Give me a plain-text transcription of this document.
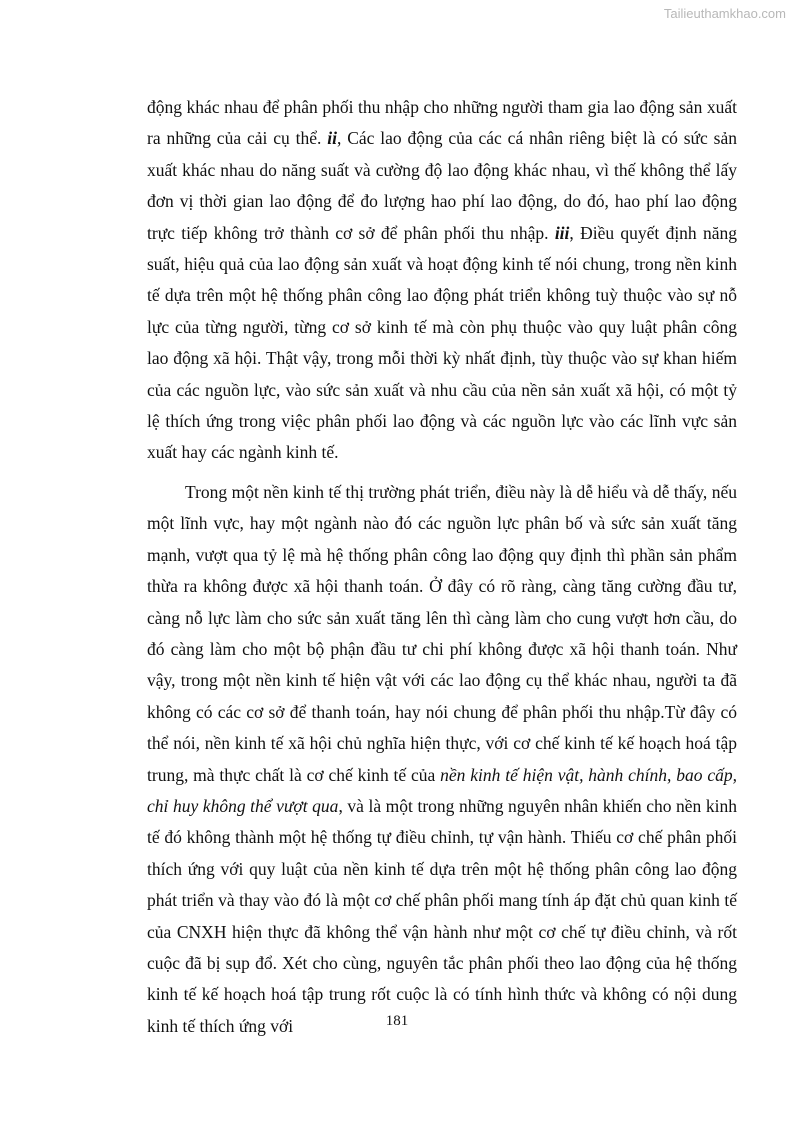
Tailieuthamkhao.com

động khác nhau để phân phối thu nhập cho những người tham gia lao động sản xuất ra những của cải cụ thể. ii, Các lao động của các cá nhân riêng biệt là có sức sản xuất khác nhau do năng suất và cường độ lao động khác nhau, vì thế không thể lấy đơn vị thời gian lao động để đo lượng hao phí lao động, do đó, hao phí lao động trực tiếp không trở thành cơ sở để phân phối thu nhập. iii, Điều quyết định năng suất, hiệu quả của lao động sản xuất và hoạt động kinh tế nói chung, trong nền kinh tế dựa trên một hệ thống phân công lao động phát triển không tuỳ thuộc vào sự nỗ lực của từng người, từng cơ sở kinh tế mà còn phụ thuộc vào quy luật phân công lao động xã hội. Thật vậy, trong mỗi thời kỳ nhất định, tùy thuộc vào sự khan hiếm của các nguồn lực, vào sức sản xuất và nhu cầu của nền sản xuất xã hội, có một tỷ lệ thích ứng trong việc phân phối lao động và các nguồn lực vào các lĩnh vực sản xuất hay các ngành kinh tế.

Trong một nền kinh tế thị trường phát triển, điều này là dễ hiểu và dễ thấy, nếu một lĩnh vực, hay một ngành nào đó các nguồn lực phân bố và sức sản xuất tăng mạnh, vượt qua tỷ lệ mà hệ thống phân công lao động quy định thì phần sản phẩm thừa ra không được xã hội thanh toán. Ở đây có rõ ràng, càng tăng cường đầu tư, càng nỗ lực làm cho sức sản xuất tăng lên thì càng làm cho cung vượt hơn cầu, do đó càng làm cho một bộ phận đầu tư chi phí không được xã hội thanh toán. Như vậy, trong một nền kinh tế hiện vật với các lao động cụ thể khác nhau, người ta đã không có các cơ sở để thanh toán, hay nói chung để phân phối thu nhập.Từ đây có thể nói, nền kinh tế xã hội chủ nghĩa hiện thực, với cơ chế kinh tế kế hoạch hoá tập trung, mà thực chất là cơ chế kinh tế của nền kinh tế hiện vật, hành chính, bao cấp, chỉ huy không thể vượt qua, và là một trong những nguyên nhân khiến cho nền kinh tế đó không thành một hệ thống tự điều chỉnh, tự vận hành. Thiếu cơ chế phân phối thích ứng với quy luật của nền kinh tế dựa trên một hệ thống phân công lao động phát triển và thay vào đó là một cơ chế phân phối mang tính áp đặt chủ quan kinh tế của CNXH hiện thực đã không thể vận hành như một cơ chế tự điều chỉnh, và rốt cuộc đã bị sụp đổ. Xét cho cùng, nguyên tắc phân phối theo lao động của hệ thống kinh tế kế hoạch hoá tập trung rốt cuộc là có tính hình thức và không có nội dung kinh tế thích ứng với	181
